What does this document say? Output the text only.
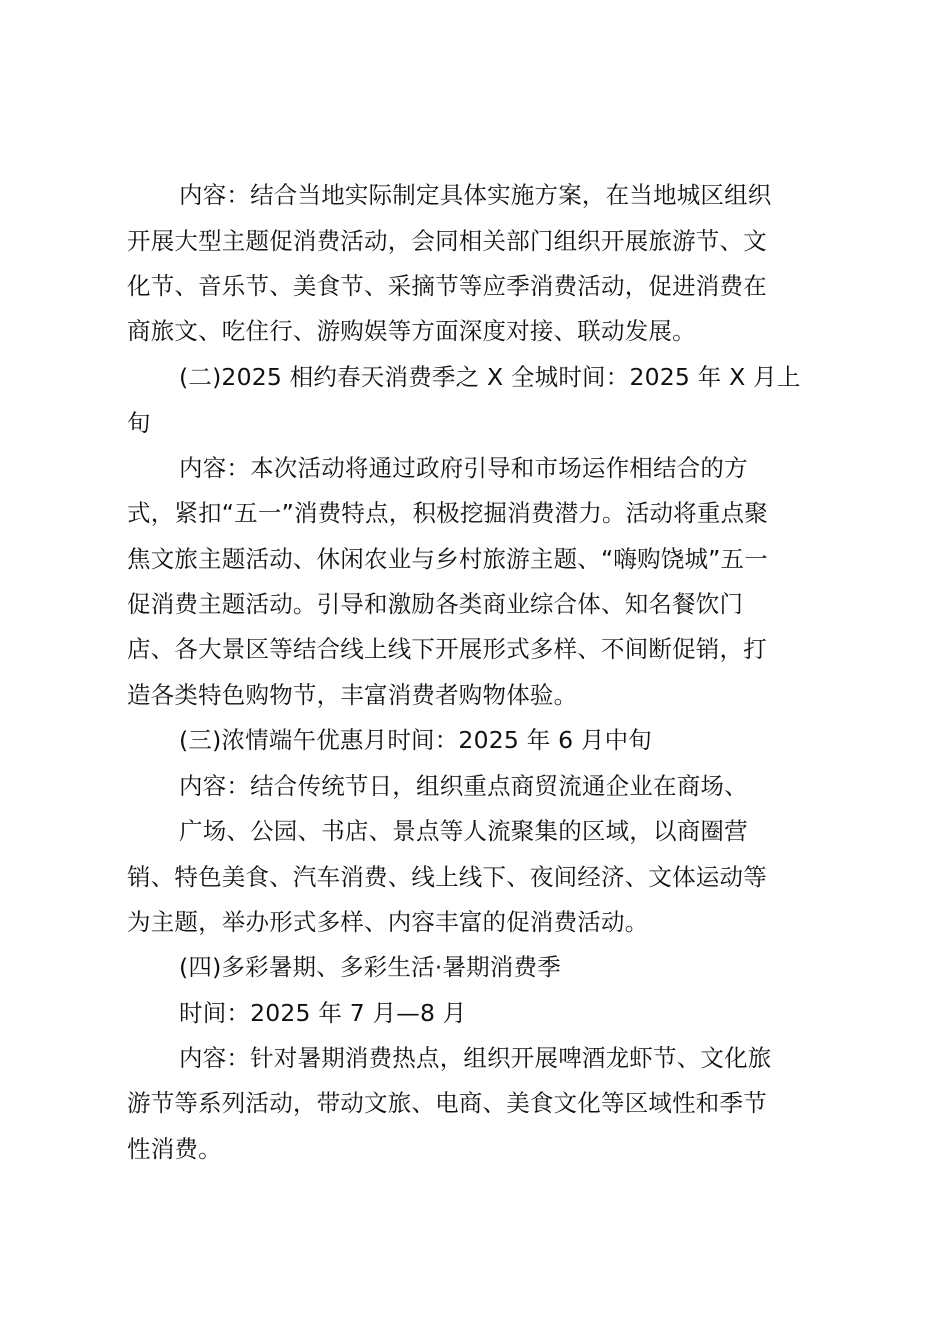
内容：结合当地实际制定具体实施方案，在当地城区组织
开展大型主题促消费活动，会同相关部门组织开展旅游节、文
化节、音乐节、美食节、采摘节等应季消费活动，促进消费在
商旅文、吃住行、游购娱等方面深度对接、联动发展。
(二)2025 相约春天消费季之 X 全城时间：2025 年 X 月上
旬
内容：本次活动将通过政府引导和市场运作相结合的方
式，紧扣“五一”消费特点，积极挖掘消费潜力。活动将重点聚
焦文旅主题活动、休闲农业与乡村旅游主题、“嗨购饶城”五一
促消费主题活动。引导和激励各类商业综合体、知名餐饮门
店、各大景区等结合线上线下开展形式多样、不间断促销，打
造各类特色购物节，丰富消费者购物体验。
(三)浓情端午优惠月时间：2025 年 6 月中旬
内容：结合传统节日，组织重点商贸流通企业在商场、
广场、公园、书店、景点等人流聚集的区域，以商圈营
销、特色美食、汽车消费、线上线下、夜间经济、文体运动等
为主题，举办形式多样、内容丰富的促消费活动。
(四)多彩暑期、多彩生活·暑期消费季
时间：2025 年 7 月—8 月
内容：针对暑期消费热点，组织开展啤酒龙虾节、文化旅
游节等系列活动，带动文旅、电商、美食文化等区域性和季节
性消费。
